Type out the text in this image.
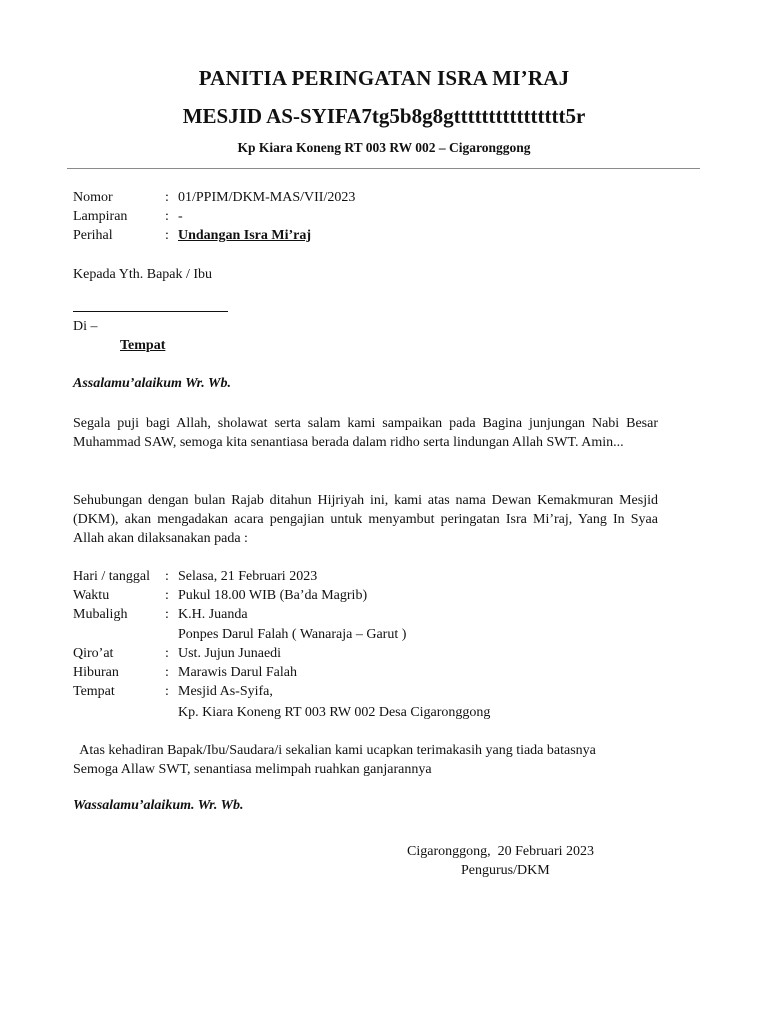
PANITIA PERINGATAN ISRA MI’RAJ
MESJID AS-SYIFA7tg5b8g8gtttttttttttttttt5r
Kp Kiara Koneng RT 003 RW 002 – Cigaronggong
Nomor	: 01/PPIM/DKM-MAS/VII/2023
Lampiran	: -
Perihal	: Undangan Isra Mi’raj
Kepada Yth. Bapak / Ibu
Di –
Tempat
Assalamu’alaikum Wr. Wb.
Segala puji bagi Allah, sholawat serta salam kami sampaikan pada Bagina junjungan Nabi Besar Muhammad SAW, semoga kita senantiasa berada dalam ridho serta lindungan Allah SWT. Amin...
Sehubungan dengan bulan Rajab ditahun Hijriyah ini, kami atas nama Dewan Kemakmuran Mesjid (DKM), akan mengadakan acara pengajian untuk menyambut peringatan Isra Mi’raj, Yang In Syaa Allah akan dilaksanakan pada :
Hari / tanggal : Selasa, 21 Februari 2023
Waktu	: Pukul 18.00 WIB (Ba’da Magrib)
Mubaligh	: K.H. Juanda
Ponpes Darul Falah ( Wanaraja – Garut )
Qiro’at	: Ust. Jujun Junaedi
Hiburan	: Marawis Darul Falah
Tempat	: Mesjid As-Syifa,
Kp. Kiara Koneng RT 003 RW 002 Desa Cigaronggong
Atas kehadiran Bapak/Ibu/Saudara/i sekalian kami ucapkan terimakasih yang tiada batasnya
Semoga Allaw SWT, senantiasa melimpah ruahkan ganjarannya
Wassalamu’alaikum. Wr. Wb.
Cigaronggong,  20 Februari 2023
Pengurus/DKM
